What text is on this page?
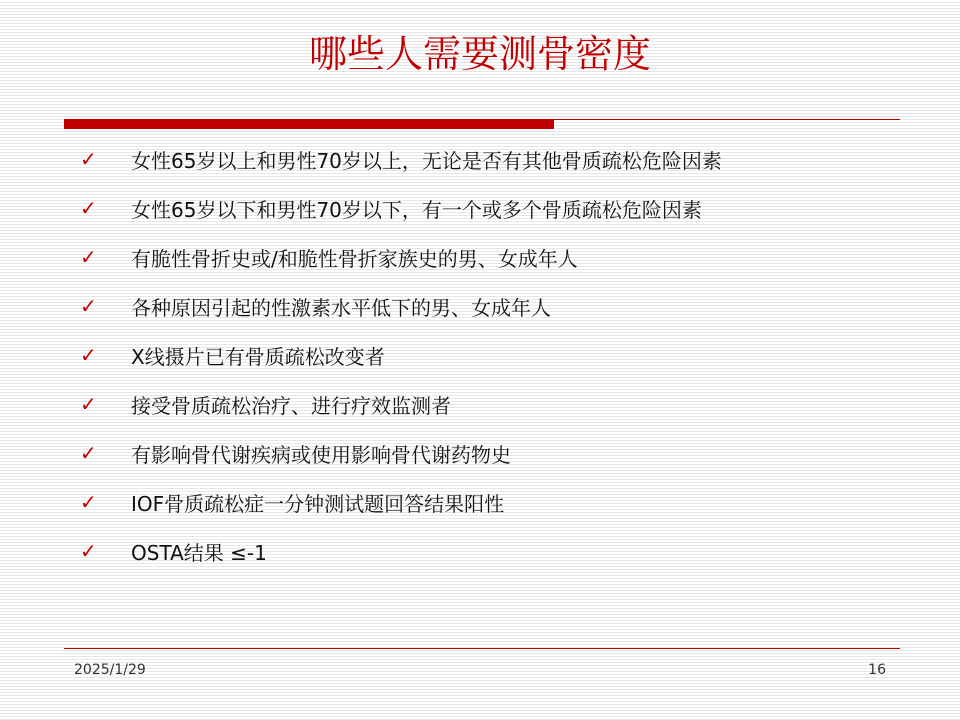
哪些人需要测骨密度
✓ 女性65岁以上和男性70岁以上，无论是否有其他骨质疏松危险因素
✓ 女性65岁以下和男性70岁以下，有一个或多个骨质疏松危险因素
✓ 有脆性骨折史或/和脆性骨折家族史的男、女成年人
✓ 各种原因引起的性激素水平低下的男、女成年人
✓ X线摄片已有骨质疏松改变者
✓ 接受骨质疏松治疗、进行疗效监测者
✓ 有影响骨代谢疾病或使用影响骨代谢药物史
✓ IOF骨质疏松症一分钟测试题回答结果阳性
✓ OSTA结果 ≤-1
2025/1/29	16
